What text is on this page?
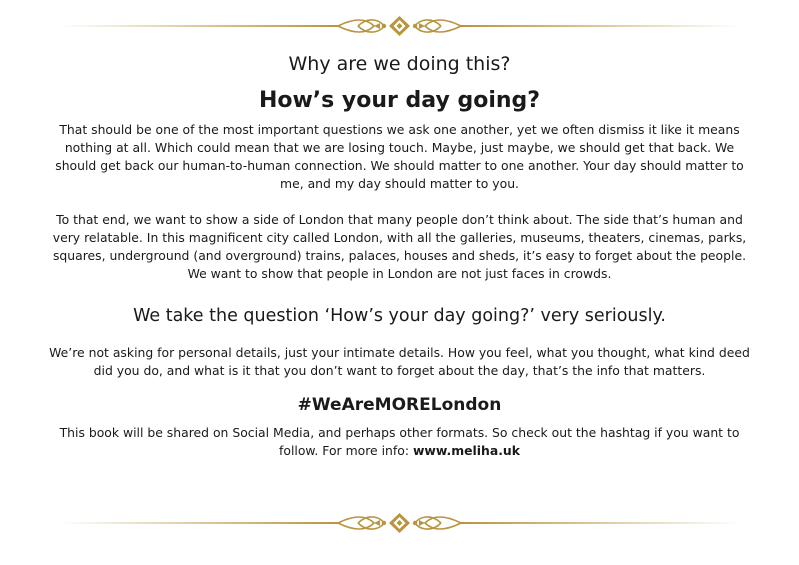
Why are we doing this?
How’s your day going?

That should be one of the most important questions we ask one another, yet we often dismiss it like it means nothing at all. Which could mean that we are losing touch. Maybe, just maybe, we should get that back. We should get back our human-to-human connection. We should matter to one another. Your day should matter to me, and my day should matter to you.

To that end, we want to show a side of London that many people don’t think about. The side that’s human and very relatable. In this magnificent city called London, with all the galleries, museums, theaters, cinemas, parks, squares, underground (and overground) trains, palaces, houses and sheds, it’s easy to forget about the people. We want to show that people in London are not just faces in crowds.

We take the question ‘How’s your day going?’ very seriously.

We’re not asking for personal details, just your intimate details. How you feel, what you thought, what kind deed did you do, and what is it that you don’t want to forget about the day, that’s the info that matters.

#WeAreMORELondon

This book will be shared on Social Media, and perhaps other formats. So check out the hashtag if you want to follow. For more info: www.meliha.uk
